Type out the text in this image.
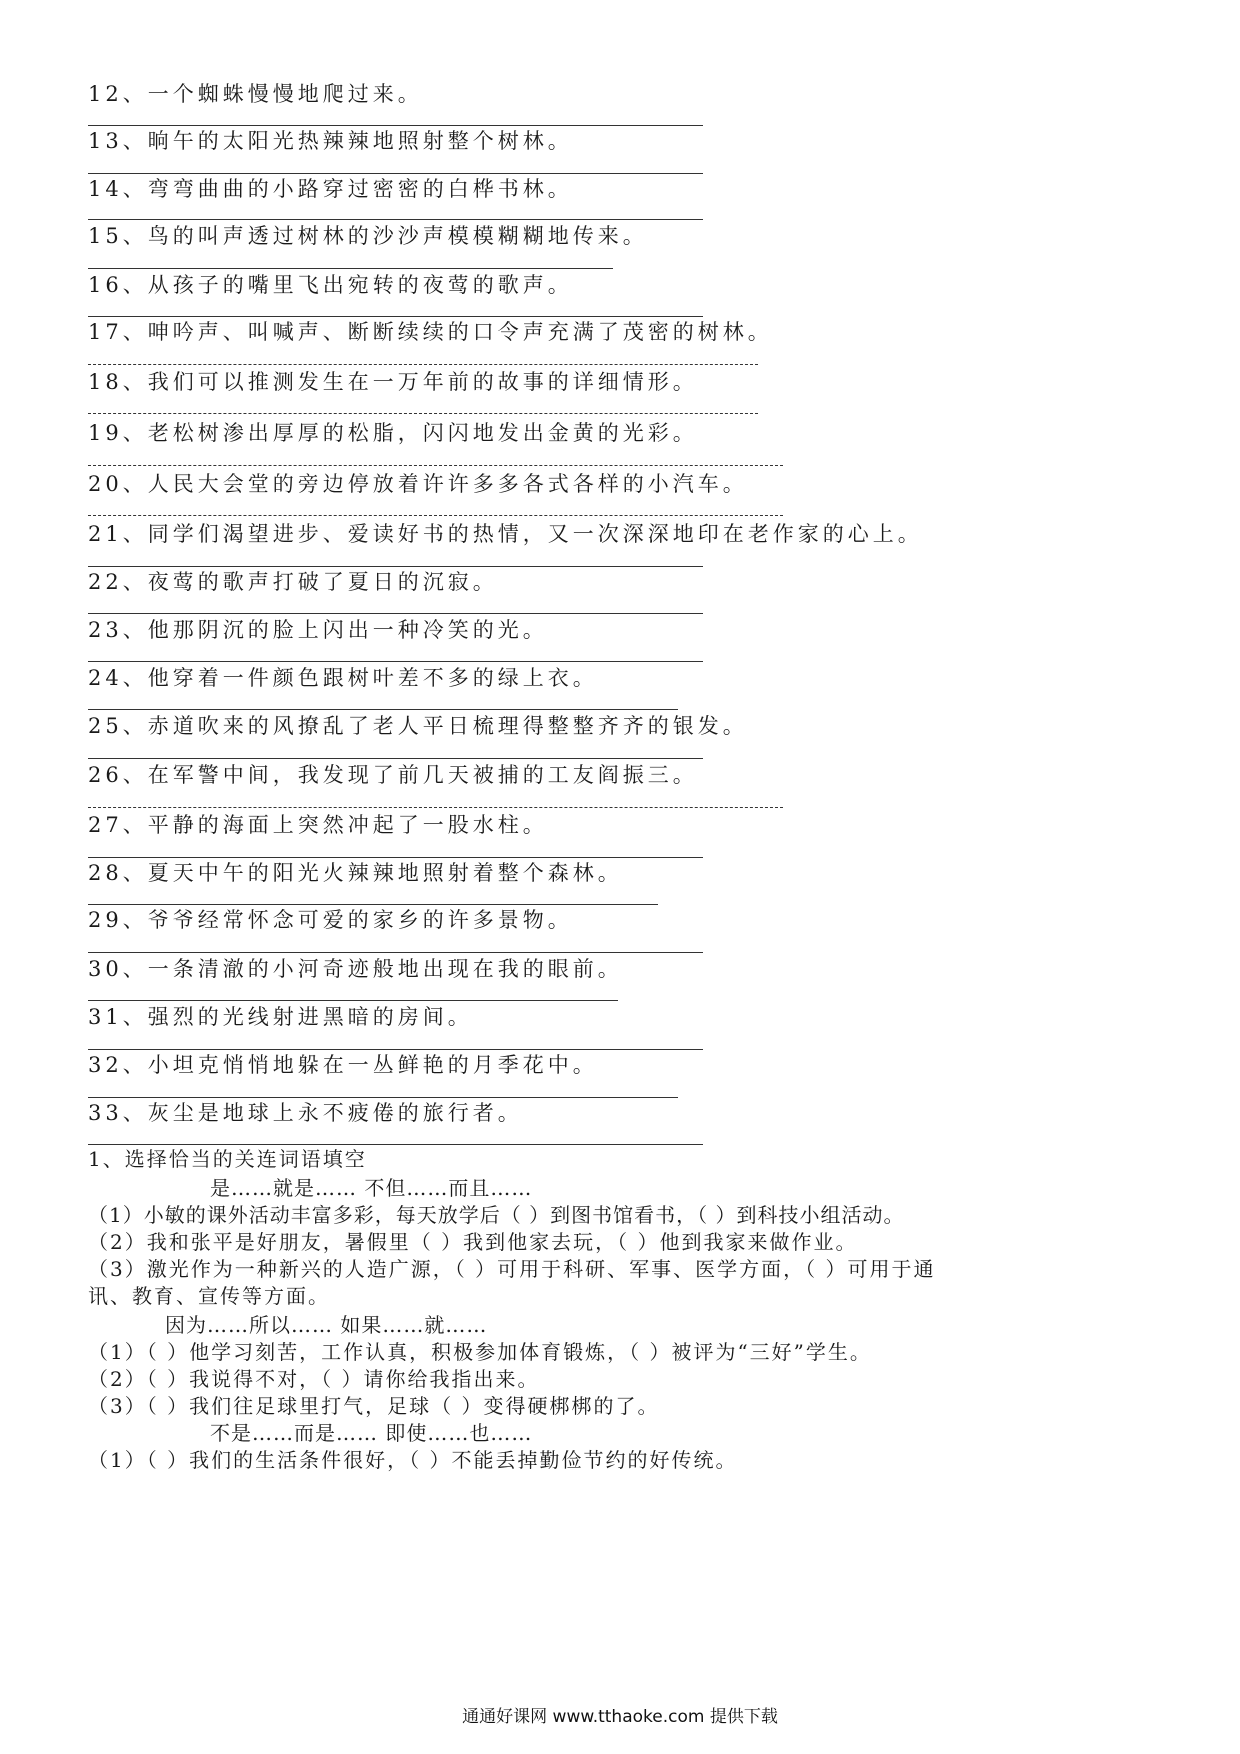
12、一个蜘蛛慢慢地爬过来。
13、晌午的太阳光热辣辣地照射整个树林。
14、弯弯曲曲的小路穿过密密的白桦书林。
15、鸟的叫声透过树林的沙沙声模模糊糊地传来。
16、从孩子的嘴里飞出宛转的夜莺的歌声。
17、呻吟声、叫喊声、断断续续的口令声充满了茂密的树林。
18、我们可以推测发生在一万年前的故事的详细情形。
19、老松树渗出厚厚的松脂，闪闪地发出金黄的光彩。
20、人民大会堂的旁边停放着许许多多各式各样的小汽车。
21、同学们渴望进步、爱读好书的热情，又一次深深地印在老作家的心上。
22、夜莺的歌声打破了夏日的沉寂。
23、他那阴沉的脸上闪出一种冷笑的光。
24、他穿着一件颜色跟树叶差不多的绿上衣。
25、赤道吹来的风撩乱了老人平日梳理得整整齐齐的银发。
26、在军警中间，我发现了前几天被捕的工友阎振三。
27、平静的海面上突然冲起了一股水柱。
28、夏天中午的阳光火辣辣地照射着整个森林。
29、爷爷经常怀念可爱的家乡的许多景物。
30、一条清澈的小河奇迹般地出现在我的眼前。
31、强烈的光线射进黑暗的房间。
32、小坦克悄悄地躲在一丛鲜艳的月季花中。
33、灰尘是地球上永不疲倦的旅行者。
1、选择恰当的关连词语填空
是……就是…… 不但……而且……
（1）小敏的课外活动丰富多彩，每天放学后（ ）到图书馆看书，（ ）到科技小组活动。
（2）我和张平是好朋友，暑假里（ ）我到他家去玩，（ ）他到我家来做作业。
（3）激光作为一种新兴的人造广源，（ ）可用于科研、军事、医学方面，（ ）可用于通
讯、教育、宣传等方面。
因为……所以…… 如果……就……
（1）（ ）他学习刻苦，工作认真，积极参加体育锻炼，（ ）被评为“三好”学生。
（2）（ ）我说得不对，（ ）请你给我指出来。
（3）（ ）我们往足球里打气，足球（ ）变得硬梆梆的了。
不是……而是…… 即使……也……
（1）（ ）我们的生活条件很好，（ ）不能丢掉勤俭节约的好传统。
通通好课网 www.tthaoke.com 提供下载
